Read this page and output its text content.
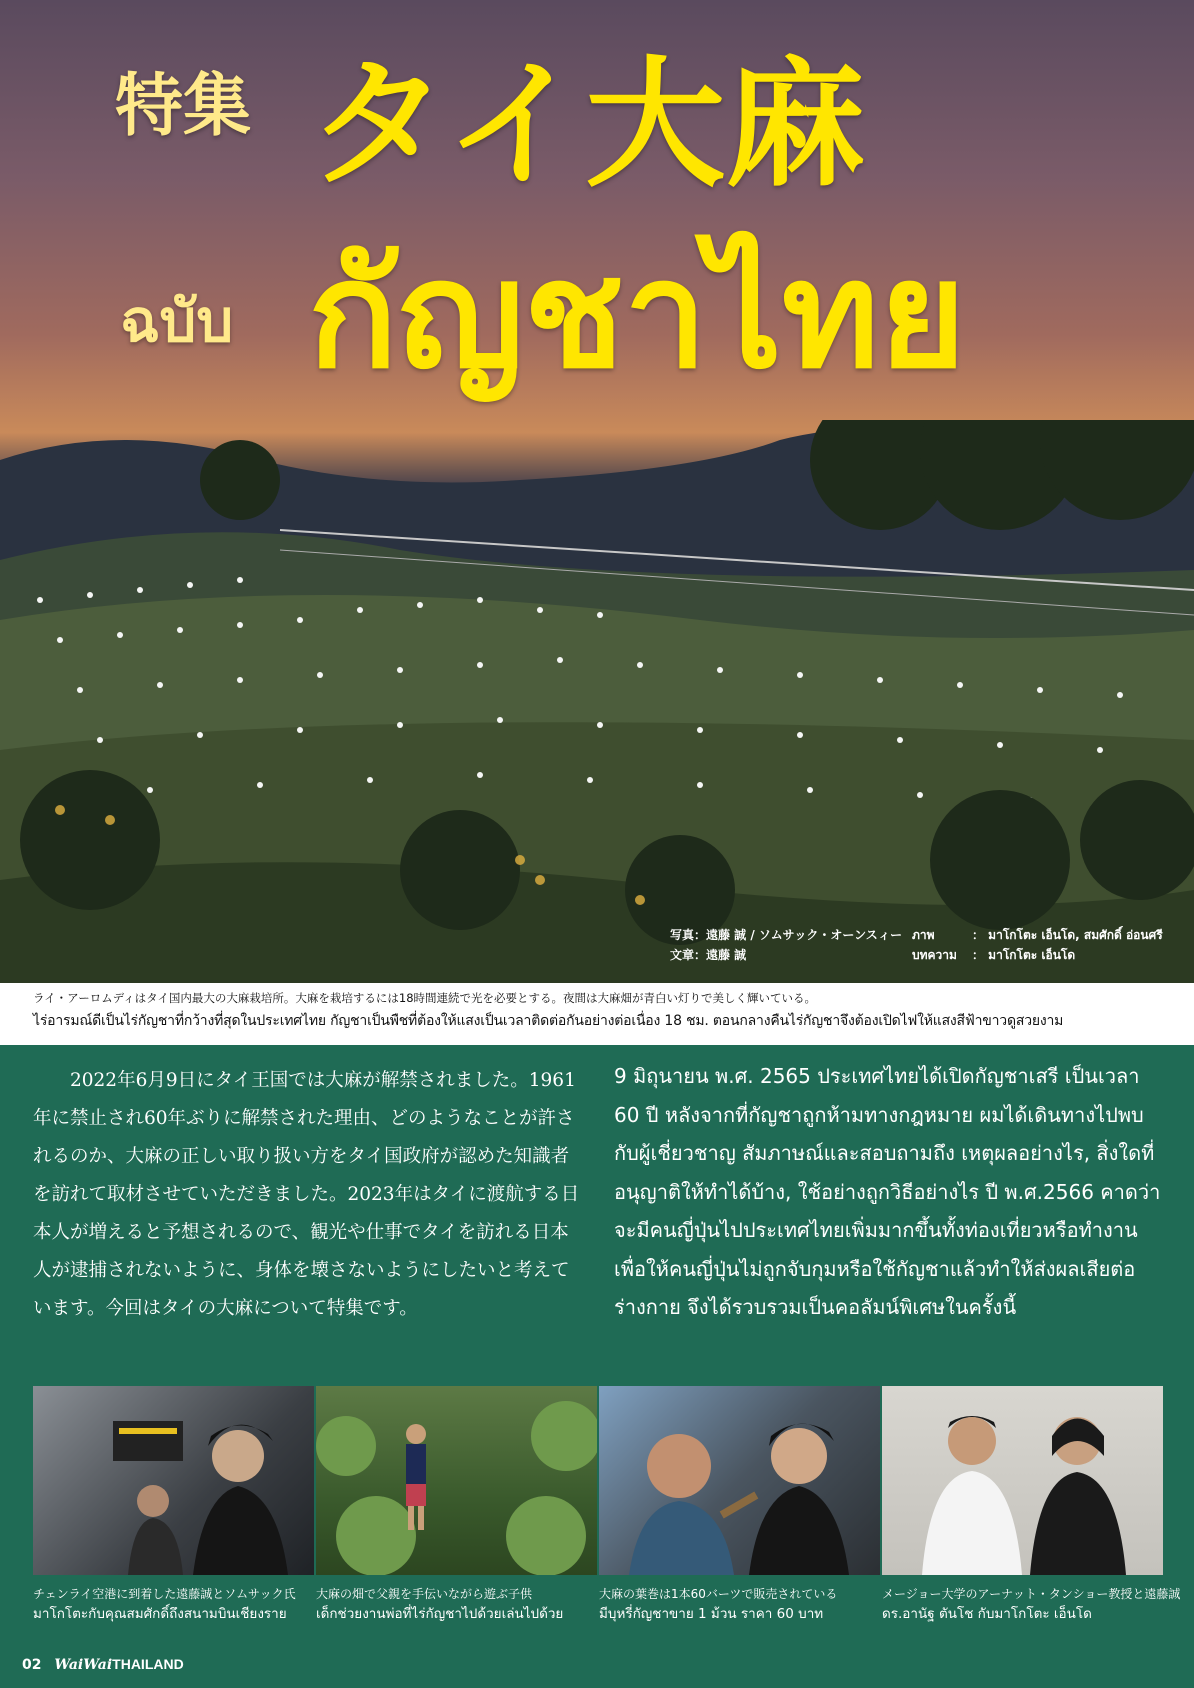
特集 タイ大麻
ฉบับ กัญชาไทย
写真：遠藤 誠 / ソムサック・オーンスィー
文章：遠藤 誠
ภาพ	： มาโกโตะ เอ็นโด, สมศักดิ์ อ่อนศรี
บทความ ： มาโกโตะ เอ็นโด
ライ・アーロムディはタイ国内最大の大麻栽培所。大麻を栽培するには18時間連続で光を必要とする。夜間は大麻畑が青白い灯りで美しく輝いている。
ไร่อารมณ์ดีเป็นไร่กัญชาที่กว้างที่สุดในประเทศไทย กัญชาเป็นพืชที่ต้องให้แสงเป็นเวลาติดต่อกันอย่างต่อเนื่อง 18 ชม. ตอนกลางคืนไร่กัญชาจึงต้องเปิดไฟให้แสงสีฟ้าขาวดูสวยงาม
2022年6月9日にタイ王国では大麻が解禁されました。1961年に禁止され60年ぶりに解禁された理由、どのようなことが許されるのか、大麻の正しい取り扱い方をタイ国政府が認めた知識者を訪れて取材させていただきました。2023年はタイに渡航する日本人が増えると予想されるので、観光や仕事でタイを訪れる日本人が逮捕されないように、身体を壊さないようにしたいと考えています。今回はタイの大麻について特集です。
9 มิถุนายน พ.ศ. 2565 ประเทศไทยได้เปิดกัญชาเสรี เป็นเวลา 60 ปี หลังจากที่กัญชาถูกห้ามทางกฎหมาย ผมได้เดินทางไปพบกับผู้เชี่ยวชาญ สัมภาษณ์และสอบถามถึง เหตุผลอย่างไร, สิ่งใดที่อนุญาติให้ทำได้บ้าง, ใช้อย่างถูกวิธีอย่างไร ปี พ.ศ.2566 คาดว่าจะมีคนญี่ปุ่นไปประเทศไทยเพิ่มมากขึ้นทั้งท่องเที่ยวหรือทำงานเพื่อให้คนญี่ปุ่นไม่ถูกจับกุมหรือใช้กัญชาแล้วทำให้ส่งผลเสียต่อร่างกาย จึงได้รวบรวมเป็นคอลัมน์พิเศษในครั้งนี้
チェンライ空港に到着した遠藤誠とソムサック氏
มาโกโตะกับคุณสมศักดิ์ถึงสนามบินเชียงราย
大麻の畑で父親を手伝いながら遊ぶ子供
เด็กช่วยงานพ่อที่ไร่กัญชาไปด้วยเล่นไปด้วย
大麻の葉巻は1本60バーツで販売されている
มีบุหรี่กัญชาขาย 1 ม้วน ราคา 60 บาท
メージョー大学のアーナット・タンショー教授と遠藤誠
ดร.อานัฐ ตันโช กับมาโกโตะ เอ็นโด
02 WaiWaiTHAILAND
